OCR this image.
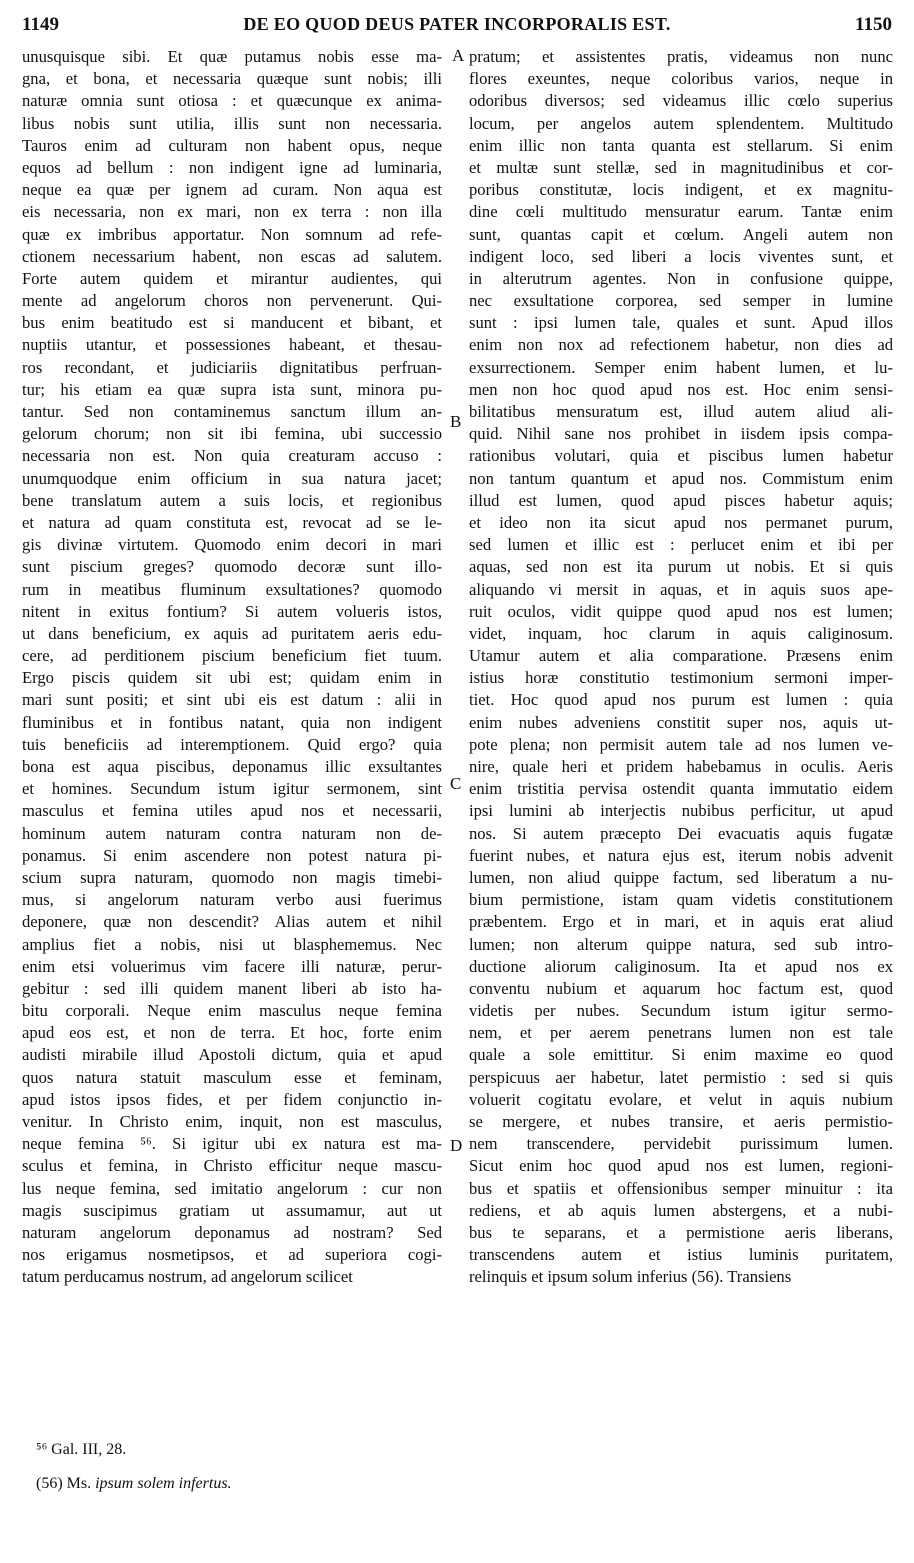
1149	DE EO QUOD DEUS PATER INCORPORALIS EST.	1150
unusquisque sibi. Et quæ putamus nobis esse ma-
gna, et bona, et necessaria quæque sunt nobis; illi
naturæ omnia sunt otiosa : et quæcunque ex anima-
libus nobis sunt utilia, illis sunt non necessaria.
Tauros enim ad culturam non habent opus, neque
equos ad bellum : non indigent igne ad luminaria,
neque ea quæ per ignem ad curam. Non aqua est
eis necessaria, non ex mari, non ex terra : non illa
quæ ex imbribus apportatur. Non somnum ad refe-
ctionem necessarium habent, non escas ad salutem.
Forte autem quidem et mirantur audientes, qui
mente ad angelorum choros non pervenerunt. Qui-
bus enim beatitudo est si manducent et bibant, et
nuptiis utantur, et possessiones habeant, et thesau-
ros recondant, et judiciariis dignitatibus perfruan-
tur; his etiam ea quæ supra ista sunt, minora pu-
tantur. Sed non contaminemus sanctum illum an-
gelorum chorum; non sit ibi femina, ubi successio
necessaria non est. Non quia creaturam accuso :
unumquodque enim officium in sua natura jacet;
bene translatum autem a suis locis, et regionibus
et natura ad quam constituta est, revocat ad se le-
gis divinæ virtutem. Quomodo enim decori in mari
sunt piscium greges? quomodo decoræ sunt illo-
rum in meatibus fluminum exsultationes? quomodo
nitent in exitus fontium? Si autem volueris istos,
ut dans beneficium, ex aquis ad puritatem aeris edu-
cere, ad perditionem piscium beneficium fiet tuum.
Ergo piscis quidem sit ubi est; quidam enim in
mari sunt positi; et sint ubi eis est datum : alii in
fluminibus et in fontibus natant, quia non indigent
tuis beneficiis ad interemptionem. Quid ergo? quia
bona est aqua piscibus, deponamus illic exsultantes
et homines. Secundum istum igitur sermonem, sint
masculus et femina utiles apud nos et necessarii,
hominum autem naturam contra naturam non de-
ponamus. Si enim ascendere non potest natura pi-
scium supra naturam, quomodo non magis timebi-
mus, si angelorum naturam verbo ausi fuerimus
deponere, quæ non descendit? Alias autem et nihil
amplius fiet a nobis, nisi ut blasphememus. Nec
enim etsi voluerimus vim facere illi naturæ, perur-
gebitur : sed illi quidem manent liberi ab isto ha-
bitu corporali. Neque enim masculus neque femina
apud eos est, et non de terra. Et hoc, forte enim
audisti mirabile illud Apostoli dictum, quia et apud
quos natura statuit masculum esse et feminam,
apud istos ipsos fides, et per fidem conjunctio in-
venitur. In Christo enim, inquit, non est masculus,
neque femina ⁵⁶. Si igitur ubi ex natura est ma-
sculus et femina, in Christo efficitur neque mascu-
lus neque femina, sed imitatio angelorum : cur non
magis suscipimus gratiam ut assumamur, aut ut
naturam angelorum deponamus ad nostram? Sed
nos erigamus nosmetipsos, et ad superiora cogi-
tatum perducamus nostrum, ad angelorum scilicet
pratum; et assistentes pratis, videamus non nunc
flores exeuntes, neque coloribus varios, neque in
odoribus diversos; sed videamus illic cœlo superius
locum, per angelos autem splendentem. Multitudo
enim illic non tanta quanta est stellarum. Si enim
et multæ sunt stellæ, sed in magnitudinibus et cor-
poribus constitutæ, locis indigent, et ex magnitu-
dine cœli multitudo mensuratur earum. Tantæ enim
sunt, quantas capit et cœlum. Angeli autem non
indigent loco, sed liberi a locis viventes sunt, et
in alterutrum agentes. Non in confusione quippe,
nec exsultatione corporea, sed semper in lumine
sunt : ipsi lumen tale, quales et sunt. Apud illos
enim non nox ad refectionem habetur, non dies ad
exsurrectionem. Semper enim habent lumen, et lu-
men non hoc quod apud nos est. Hoc enim sensi-
bilitatibus mensuratum est, illud autem aliud ali-
quid. Nihil sane nos prohibet in iisdem ipsis compa-
rationibus volutari, quia et piscibus lumen habetur
non tantum quantum et apud nos. Commistum enim
illud est lumen, quod apud pisces habetur aquis;
et ideo non ita sicut apud nos permanet purum,
sed lumen et illic est : perlucet enim et ibi per
aquas, sed non est ita purum ut nobis. Et si quis
aliquando vi mersit in aquas, et in aquis suos ape-
ruit oculos, vidit quippe quod apud nos est lumen;
videt, inquam, hoc clarum in aquis caliginosum.
Utamur autem et alia comparatione. Præsens enim
istius horæ constitutio testimonium sermoni imper-
tiet. Hoc quod apud nos purum est lumen : quia
enim nubes adveniens constitit super nos, aquis ut-
pote plena; non permisit autem tale ad nos lumen ve-
nire, quale heri et pridem habebamus in oculis. Aeris
enim tristitia pervisa ostendit quanta immutatio eidem
ipsi lumini ab interjectis nubibus perficitur, ut apud
nos. Si autem præcepto Dei evacuatis aquis fugatæ
fuerint nubes, et natura ejus est, iterum nobis advenit
lumen, non aliud quippe factum, sed liberatum a nu-
bium permistione, istam quam videtis constitutionem
præbentem. Ergo et in mari, et in aquis erat aliud
lumen; non alterum quippe natura, sed sub intro-
ductione aliorum caliginosum. Ita et apud nos ex
conventu nubium et aquarum hoc factum est, quod
videtis per nubes. Secundum istum igitur sermo-
nem, et per aerem penetrans lumen non est tale
quale a sole emittitur. Si enim maxime eo quod
perspicuus aer habetur, latet permistio : sed si quis
voluerit cogitatu evolare, et velut in aquis nubium
se mergere, et nubes transire, et aeris permistio-
nem transcendere, pervidebit purissimum lumen.
Sicut enim hoc quod apud nos est lumen, regioni-
bus et spatiis et offensionibus semper minuitur : ita
rediens, et ab aquis lumen abstergens, et a nubi-
bus te separans, et a permistione aeris liberans,
transcendens autem et istius luminis puritatem,
relinquis et ipsum solum inferius (56). Transiens
A
B
C
D
⁵⁶ Gal. III, 28.
(56) Ms. ipsum solem infertus.
